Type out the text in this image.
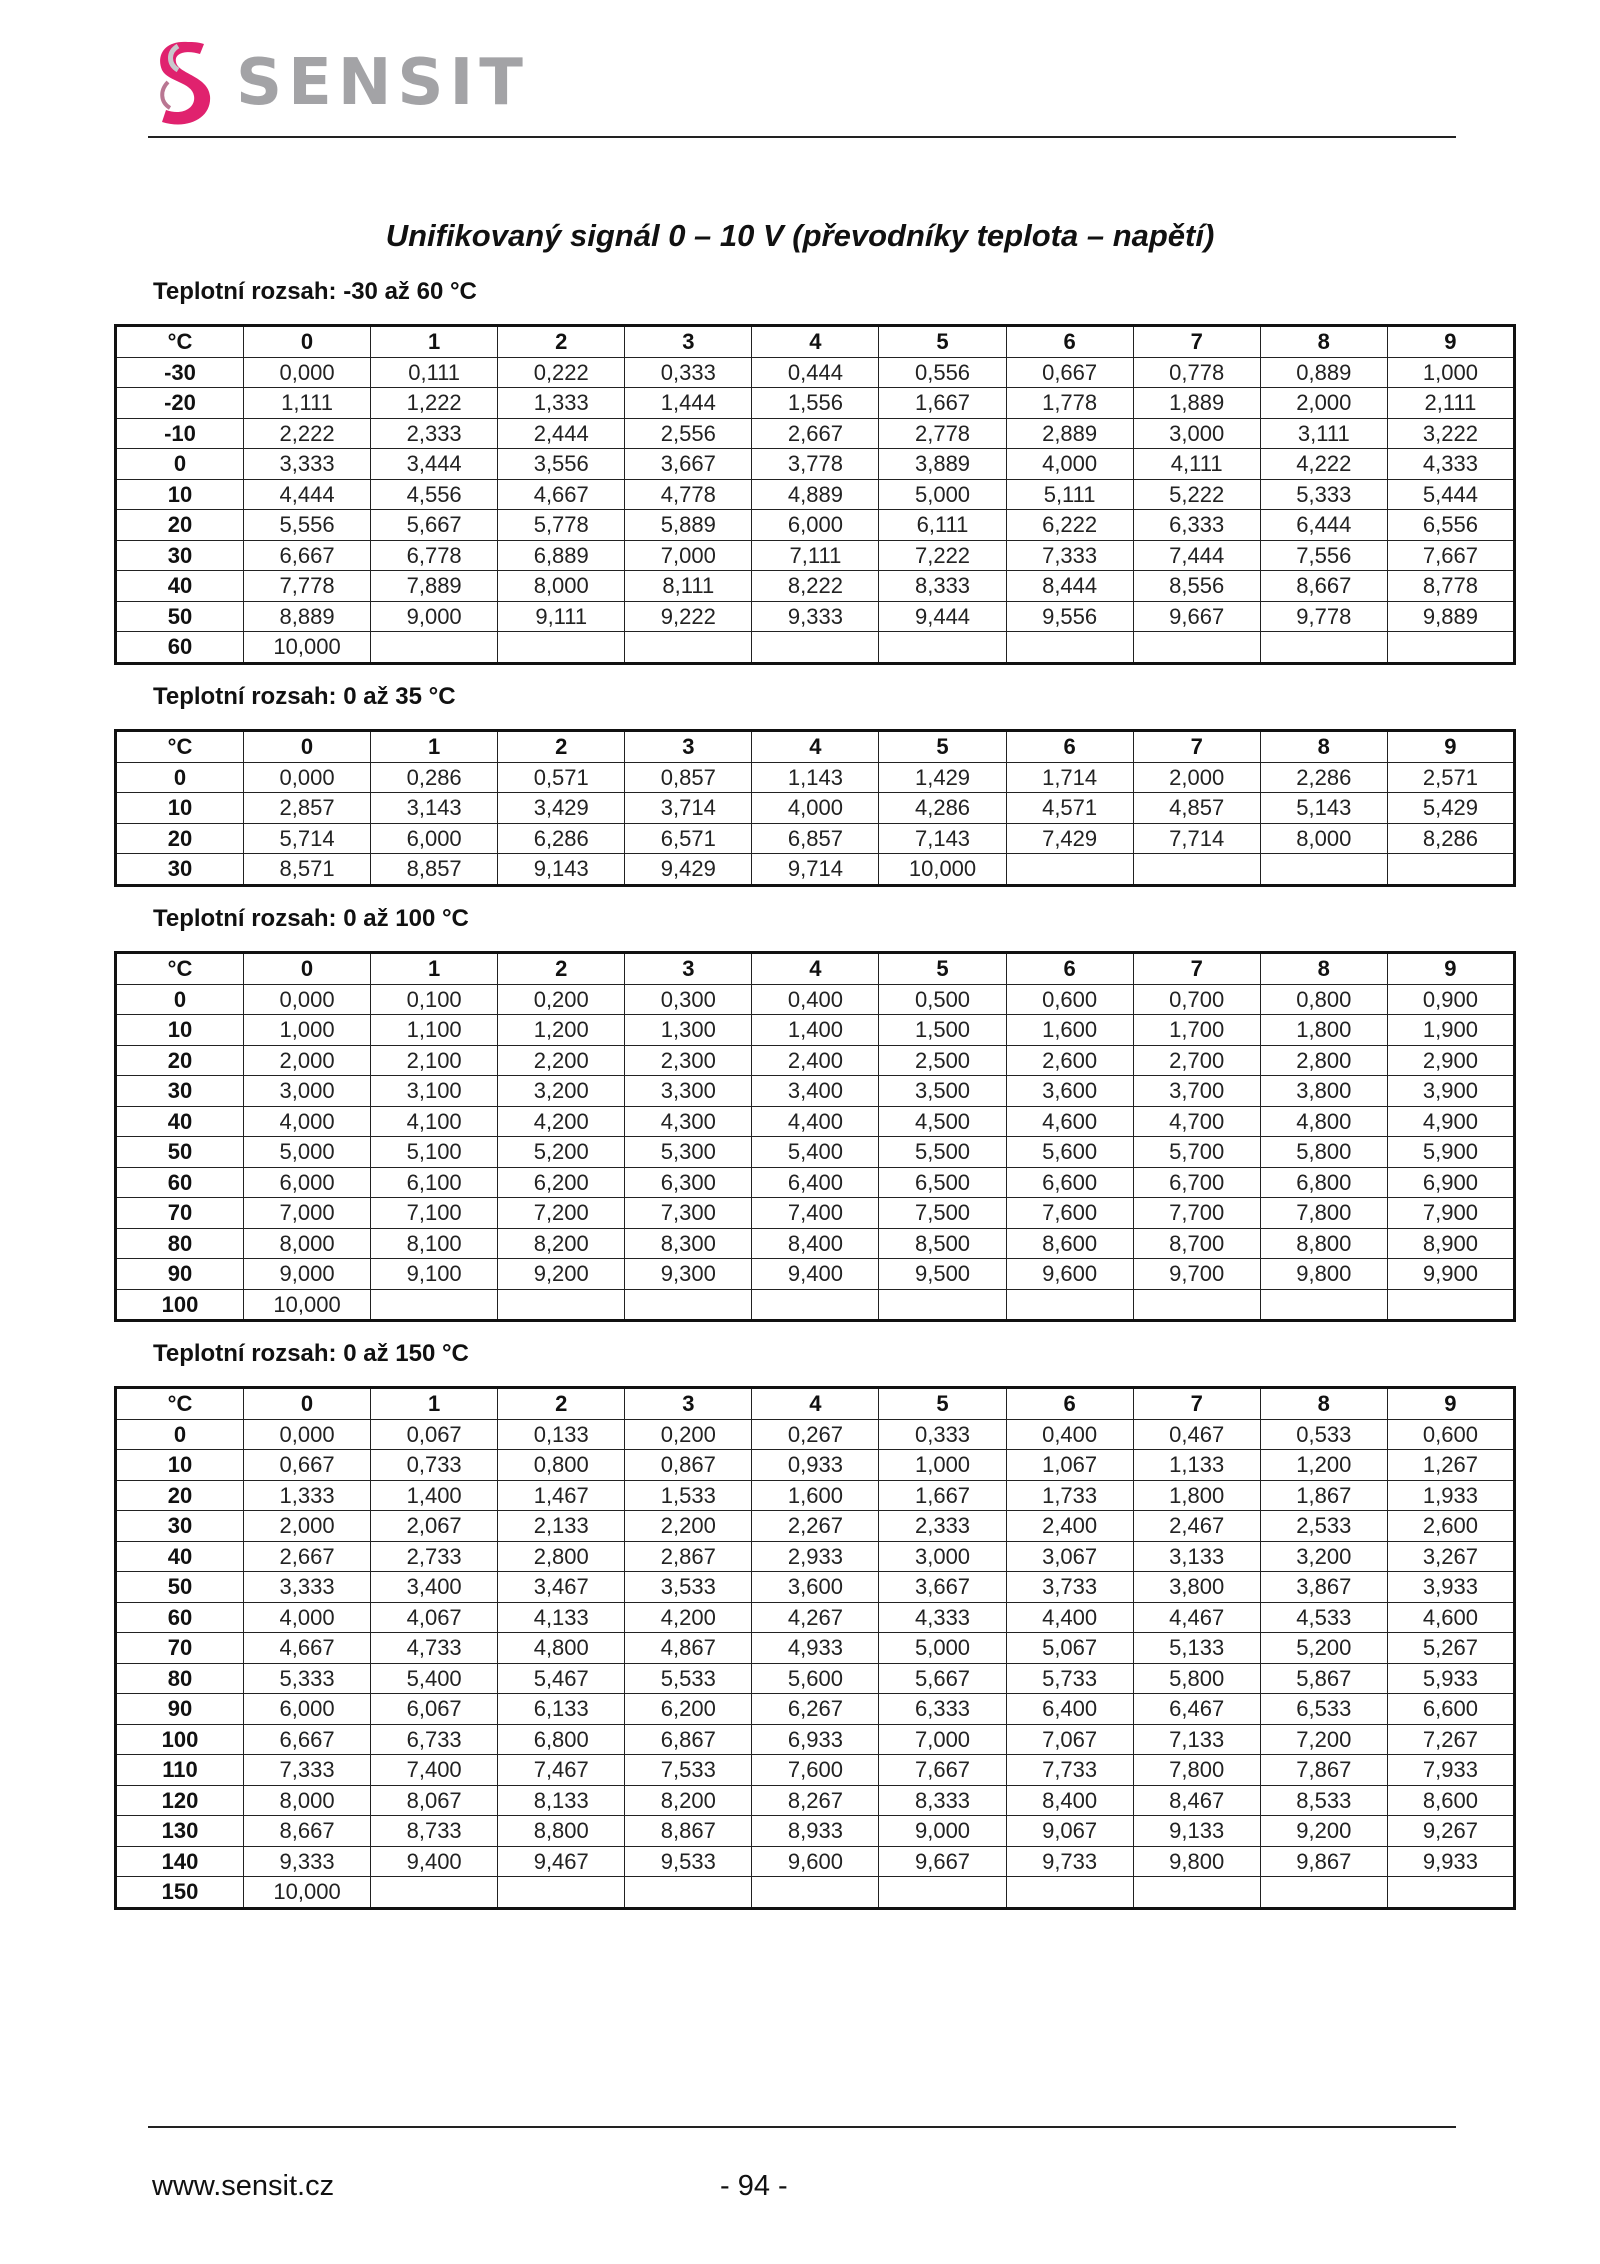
SENSIT
Unifikovaný signál 0 – 10 V (převodníky teplota – napětí)

Teplotní rozsah: -30 až 60 °C

Teplotní rozsah: 0 až 35 °C

Teplotní rozsah: 0 až 100 °C

Teplotní rozsah: 0 až 150 °C

°C	0	1	2	3	4	5	6	7	8	9
-30	0,000	0,111	0,222	0,333	0,444	0,556	0,667	0,778	0,889	1,000
-20	1,111	1,222	1,333	1,444	1,556	1,667	1,778	1,889	2,000	2,111
-10	2,222	2,333	2,444	2,556	2,667	2,778	2,889	3,000	3,111	3,222
0	3,333	3,444	3,556	3,667	3,778	3,889	4,000	4,111	4,222	4,333
10	4,444	4,556	4,667	4,778	4,889	5,000	5,111	5,222	5,333	5,444
20	5,556	5,667	5,778	5,889	6,000	6,111	6,222	6,333	6,444	6,556
30	6,667	6,778	6,889	7,000	7,111	7,222	7,333	7,444	7,556	7,667
40	7,778	7,889	8,000	8,111	8,222	8,333	8,444	8,556	8,667	8,778
50	8,889	9,000	9,111	9,222	9,333	9,444	9,556	9,667	9,778	9,889
60	10,000									
°C	0	1	2	3	4	5	6	7	8	9
0	0,000	0,286	0,571	0,857	1,143	1,429	1,714	2,000	2,286	2,571
10	2,857	3,143	3,429	3,714	4,000	4,286	4,571	4,857	5,143	5,429
20	5,714	6,000	6,286	6,571	6,857	7,143	7,429	7,714	8,000	8,286
30	8,571	8,857	9,143	9,429	9,714	10,000				
°C	0	1	2	3	4	5	6	7	8	9
0	0,000	0,100	0,200	0,300	0,400	0,500	0,600	0,700	0,800	0,900
10	1,000	1,100	1,200	1,300	1,400	1,500	1,600	1,700	1,800	1,900
20	2,000	2,100	2,200	2,300	2,400	2,500	2,600	2,700	2,800	2,900
30	3,000	3,100	3,200	3,300	3,400	3,500	3,600	3,700	3,800	3,900
40	4,000	4,100	4,200	4,300	4,400	4,500	4,600	4,700	4,800	4,900
50	5,000	5,100	5,200	5,300	5,400	5,500	5,600	5,700	5,800	5,900
60	6,000	6,100	6,200	6,300	6,400	6,500	6,600	6,700	6,800	6,900
70	7,000	7,100	7,200	7,300	7,400	7,500	7,600	7,700	7,800	7,900
80	8,000	8,100	8,200	8,300	8,400	8,500	8,600	8,700	8,800	8,900
90	9,000	9,100	9,200	9,300	9,400	9,500	9,600	9,700	9,800	9,900
100	10,000									
°C	0	1	2	3	4	5	6	7	8	9
0	0,000	0,067	0,133	0,200	0,267	0,333	0,400	0,467	0,533	0,600
10	0,667	0,733	0,800	0,867	0,933	1,000	1,067	1,133	1,200	1,267
20	1,333	1,400	1,467	1,533	1,600	1,667	1,733	1,800	1,867	1,933
30	2,000	2,067	2,133	2,200	2,267	2,333	2,400	2,467	2,533	2,600
40	2,667	2,733	2,800	2,867	2,933	3,000	3,067	3,133	3,200	3,267
50	3,333	3,400	3,467	3,533	3,600	3,667	3,733	3,800	3,867	3,933
60	4,000	4,067	4,133	4,200	4,267	4,333	4,400	4,467	4,533	4,600
70	4,667	4,733	4,800	4,867	4,933	5,000	5,067	5,133	5,200	5,267
80	5,333	5,400	5,467	5,533	5,600	5,667	5,733	5,800	5,867	5,933
90	6,000	6,067	6,133	6,200	6,267	6,333	6,400	6,467	6,533	6,600
100	6,667	6,733	6,800	6,867	6,933	7,000	7,067	7,133	7,200	7,267
110	7,333	7,400	7,467	7,533	7,600	7,667	7,733	7,800	7,867	7,933
120	8,000	8,067	8,133	8,200	8,267	8,333	8,400	8,467	8,533	8,600
130	8,667	8,733	8,800	8,867	8,933	9,000	9,067	9,133	9,200	9,267
140	9,333	9,400	9,467	9,533	9,600	9,667	9,733	9,800	9,867	9,933
150	10,000									

www.sensit.cz	- 94 -
